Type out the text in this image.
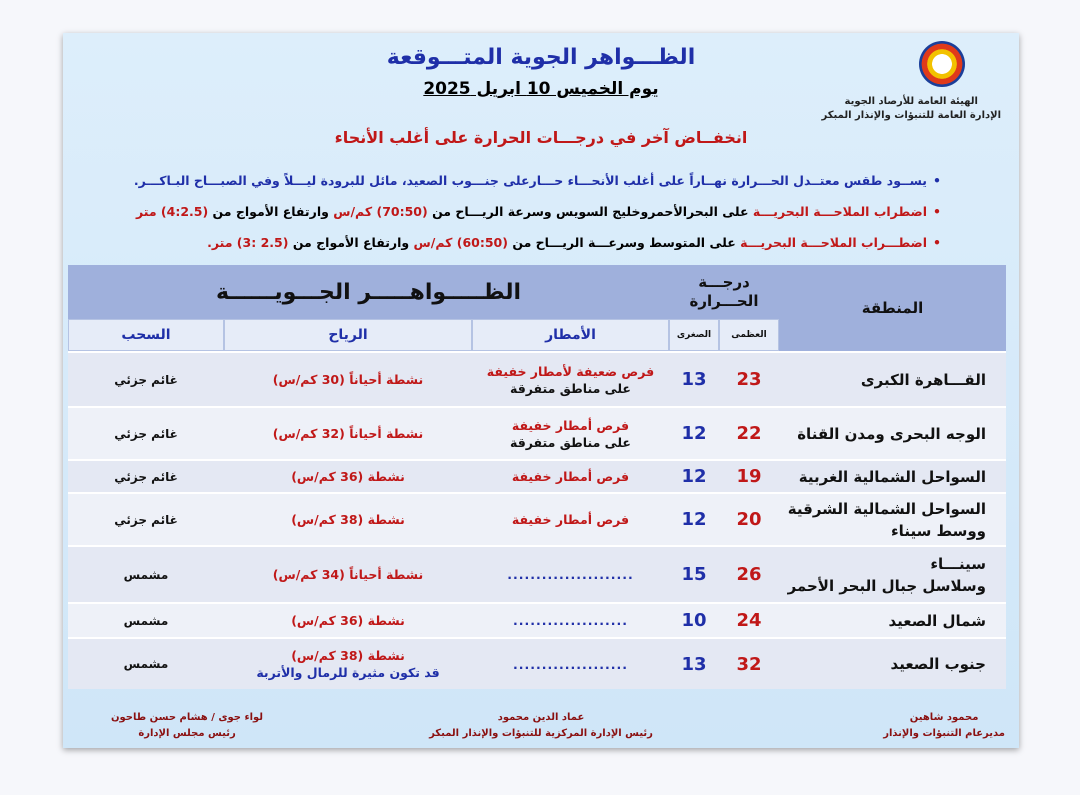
الهيئة العامة للأرصاد الجوية
الإدارة العامة للتنبؤات والإنذار المبكر
الظـــواهر الجوية المتـــوقعة
يوم الخميس 10 ابريل 2025
انخفــاض آخر في درجـــات الحرارة على أغلب الأنحاء
•يســود طقس معتــدل الحـــرارة نهــاراً على أغلب الأنحـــاء حـــارعلى جنـــوب الصعيد، مائل للبرودة ليـــلاً وفي الصبـــاح البـاكـــر.
•اضطراب الملاحـــة البحريـــة على البحرالأحمروخليج السويس وسرعة الريـــاح من (70:50) كم/س وارتفاع الأمواج من (4:2.5) متر
•اضطـــراب الملاحـــة البحريـــة على المتوسط وسرعـــة الريـــاح من (60:50) كم/س وارتفاع الأمواج من (2.5 :3) متر.
المنطقة	درجـــة
الحـــرارة		الظـــــواهـــــر الجـــويــــــة		
	العظمى	الصغرى	الأمطار	الرياح	السحب
القـــاهرة الكبرى	23	13	فرص ضعيفة لأمطار خفيفة
على مناطق متفرقة	نشطة أحياناً (30 كم/س)	غائم جزئي
الوجه البحرى ومدن القناة	22	12	فرص أمطار خفيفة
على مناطق متفرقة	نشطة أحياناً (32 كم/س)	غائم جزئي
السواحل الشمالية الغربية	19	12	فرص أمطار خفيفة	نشطة (36 كم/س)	غائم جزئي

السواحل الشمالية الشرقية
ووسط سيناء	20	12	فرص أمطار خفيفة	نشطة (38 كم/س)	غائم جزئي

سينـــاء
وسلاسل جبال البحر الأحمر	26	15	......................	نشطة أحياناً (34 كم/س)	مشمس
شمال الصعيد	24	10	....................	نشطة (36 كم/س)	مشمس
جنوب الصعيد	32	13	....................	نشطة (38 كم/س)
قد تكون مثيرة للرمال والأتربة	مشمس
محمود شاهين
مديرعام التنبؤات والإنذار
عماد الدين محمود
رئيس الإدارة المركزية للتنبؤات والإنذار المبكر
لواء جوى / هشام حسن طاحون
رئيس مجلس الإدارة
